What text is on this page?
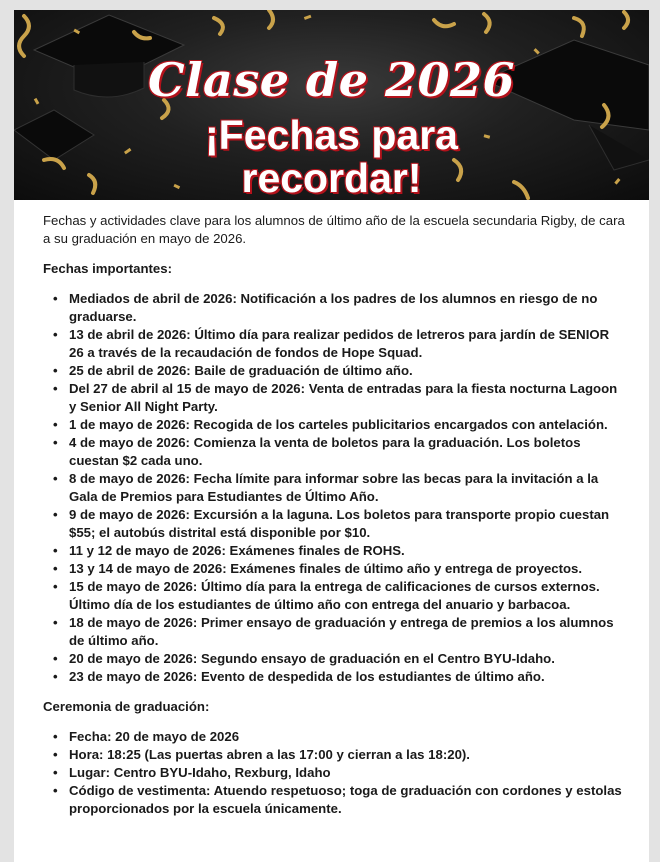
Clase de 2026
¡Fechas para
recordar!

Fechas y actividades clave para los alumnos de último año de la escuela secundaria Rigby, de cara a su graduación en mayo de 2026.

Fechas importantes:

• Mediados de abril de 2026: Notificación a los padres de los alumnos en riesgo de no graduarse.
• 13 de abril de 2026: Último día para realizar pedidos de letreros para jardín de SENIOR 26 a través de la recaudación de fondos de Hope Squad.
• 25 de abril de 2026: Baile de graduación de último año.
• Del 27 de abril al 15 de mayo de 2026: Venta de entradas para la fiesta nocturna Lagoon y Senior All Night Party.
• 1 de mayo de 2026: Recogida de los carteles publicitarios encargados con antelación.
• 4 de mayo de 2026: Comienza la venta de boletos para la graduación. Los boletos cuestan $2 cada uno.
• 8 de mayo de 2026: Fecha límite para informar sobre las becas para la invitación a la Gala de Premios para Estudiantes de Último Año.
• 9 de mayo de 2026: Excursión a la laguna. Los boletos para transporte propio cuestan $55; el autobús distrital está disponible por $10.
• 11 y 12 de mayo de 2026: Exámenes finales de ROHS.
• 13 y 14 de mayo de 2026: Exámenes finales de último año y entrega de proyectos.
• 15 de mayo de 2026: Último día para la entrega de calificaciones de cursos externos. Último día de los estudiantes de último año con entrega del anuario y barbacoa.
• 18 de mayo de 2026: Primer ensayo de graduación y entrega de premios a los alumnos de último año.
• 20 de mayo de 2026: Segundo ensayo de graduación en el Centro BYU-Idaho.
• 23 de mayo de 2026: Evento de despedida de los estudiantes de último año.

Ceremonia de graduación:

• Fecha: 20 de mayo de 2026
• Hora: 18:25 (Las puertas abren a las 17:00 y cierran a las 18:20).
• Lugar: Centro BYU-Idaho, Rexburg, Idaho
• Código de vestimenta: Atuendo respetuoso; toga de graduación con cordones y estolas proporcionados por la escuela únicamente.
